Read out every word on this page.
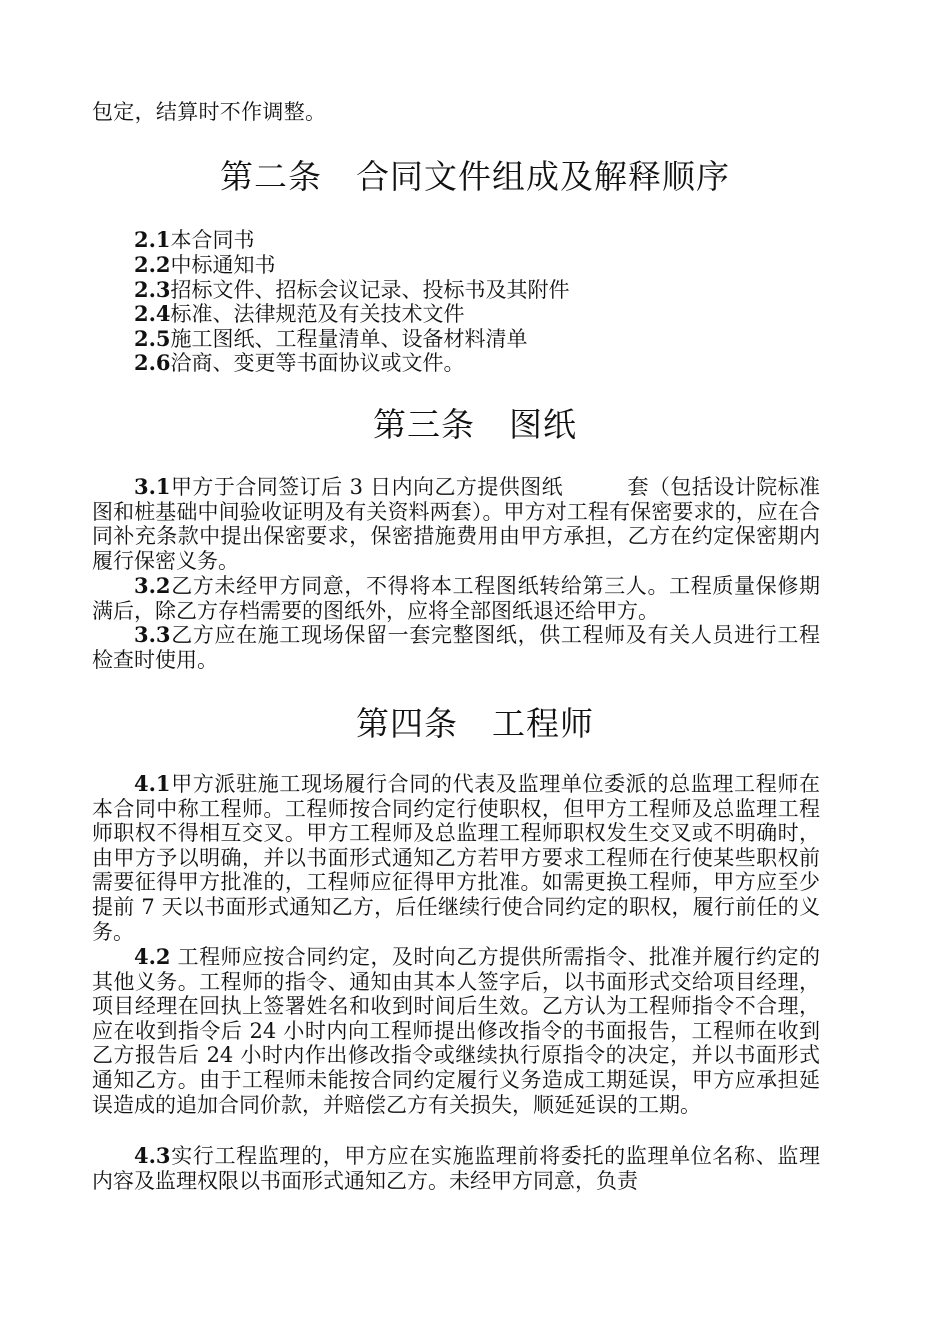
包定，结算时不作调整。
第二条　合同文件组成及解释顺序
2.1本合同书
2.2中标通知书
2.3招标文件、招标会议记录、投标书及其附件
2.4标准、法律规范及有关技术文件
2.5施工图纸、工程量清单、设备材料清单
2.6洽商、变更等书面协议或文件。
第三条　图纸
3.1甲方于合同签订后 3 日内向乙方提供图纸　　　套（包括设计院标准图和桩基础中间验收证明及有关资料两套）。甲方对工程有保密要求的，应在合同补充条款中提出保密要求，保密措施费用由甲方承担，乙方在约定保密期内履行保密义务。
3.2乙方未经甲方同意，不得将本工程图纸转给第三人。工程质量保修期满后，除乙方存档需要的图纸外，应将全部图纸退还给甲方。
3.3乙方应在施工现场保留一套完整图纸，供工程师及有关人员进行工程检查时使用。
第四条　工程师
4.1甲方派驻施工现场履行合同的代表及监理单位委派的总监理工程师在本合同中称工程师。工程师按合同约定行使职权，但甲方工程师及总监理工程师职权不得相互交叉。甲方工程师及总监理工程师职权发生交叉或不明确时，由甲方予以明确，并以书面形式通知乙方若甲方要求工程师在行使某些职权前需要征得甲方批准的，工程师应征得甲方批准。如需更换工程师，甲方应至少提前 7 天以书面形式通知乙方，后任继续行使合同约定的职权，履行前任的义务。
4.2 工程师应按合同约定，及时向乙方提供所需指令、批准并履行约定的其他义务。工程师的指令、通知由其本人签字后，以书面形式交给项目经理，项目经理在回执上签署姓名和收到时间后生效。乙方认为工程师指令不合理，应在收到指令后 24 小时内向工程师提出修改指令的书面报告，工程师在收到乙方报告后 24 小时内作出修改指令或继续执行原指令的决定，并以书面形式通知乙方。由于工程师未能按合同约定履行义务造成工期延误，甲方应承担延误造成的追加合同价款，并赔偿乙方有关损失，顺延延误的工期。
4.3实行工程监理的，甲方应在实施监理前将委托的监理单位名称、监理内容及监理权限以书面形式通知乙方。未经甲方同意，负责
